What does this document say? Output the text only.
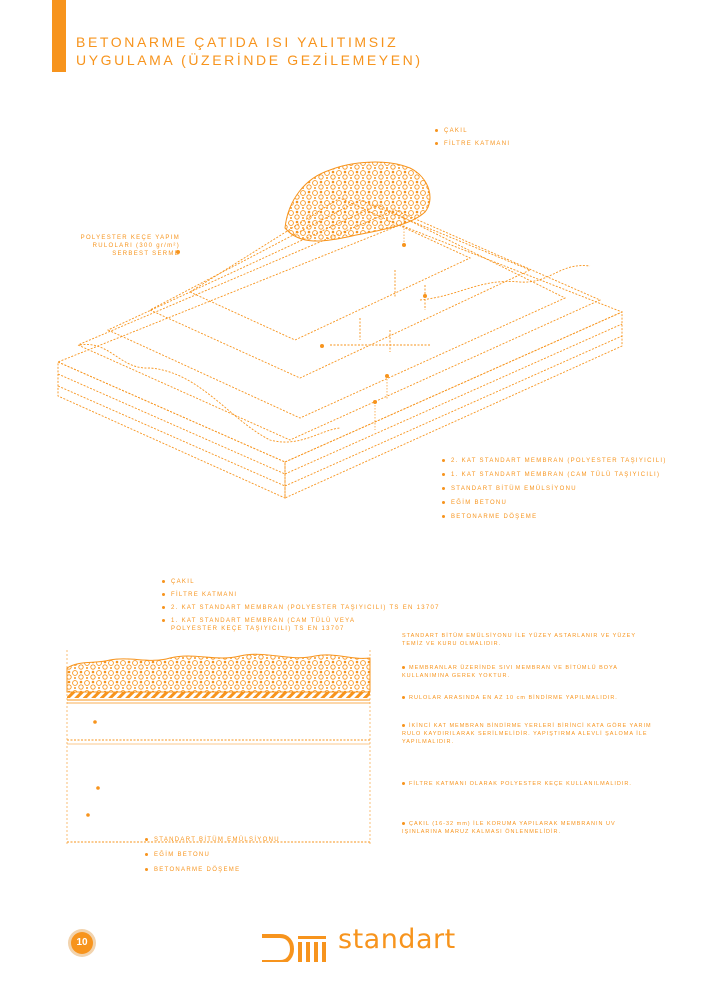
BETONARME ÇATIDA ISI YALITIMSIZ
UYGULAMA (ÜZERİNDE GEZİLEMEYEN)
ÇAKIL
FİLTRE KATMANI
POLYESTER KEÇE YAPIM
RULOLARI (300 gr/m²)
SERBEST SERME
2. KAT STANDART MEMBRAN (POLYESTER TAŞIYICILI)
1. KAT STANDART MEMBRAN (CAM TÜLÜ TAŞIYICILI)
STANDART BİTÜM EMÜLSİYONU
EĞİM BETONU
BETONARME DÖŞEME
ÇAKIL
FİLTRE KATMANI
2. KAT STANDART MEMBRAN (POLYESTER TAŞIYICILI) TS EN 13707
1. KAT STANDART MEMBRAN (CAM TÜLÜ VEYA
POLYESTER KEÇE TAŞIYICILI) TS EN 13707
STANDART BİTÜM EMÜLSİYONU
EĞİM BETONU
BETONARME DÖŞEME
STANDART BİTÜM EMÜLSİYONU İLE YÜZEY ASTARLANIR VE YÜZEY TEMİZ VE KURU OLMALIDIR.
MEMBRANLAR ÜZERİNDE SIVI MEMBRAN VE BİTÜMLÜ BOYA KULLANIMINA GEREK YOKTUR.
RULOLAR ARASINDA EN AZ 10 cm BİNDİRME YAPILMALIDIR.
İKİNCİ KAT MEMBRAN BİNDİRME YERLERİ BİRİNCİ KATA GÖRE YARIM RULO KAYDIRILARAK SERİLMELİDİR. YAPIŞTIRMA ALEVLİ ŞALOMA İLE YAPILMALIDIR.
FİLTRE KATMANI OLARAK POLYESTER KEÇE KULLANILMALIDIR.
ÇAKIL (16-32 mm) İLE KORUMA YAPILARAK MEMBRANIN UV IŞINLARINA MARUZ KALMASI ÖNLENMELİDİR.
10	standart
